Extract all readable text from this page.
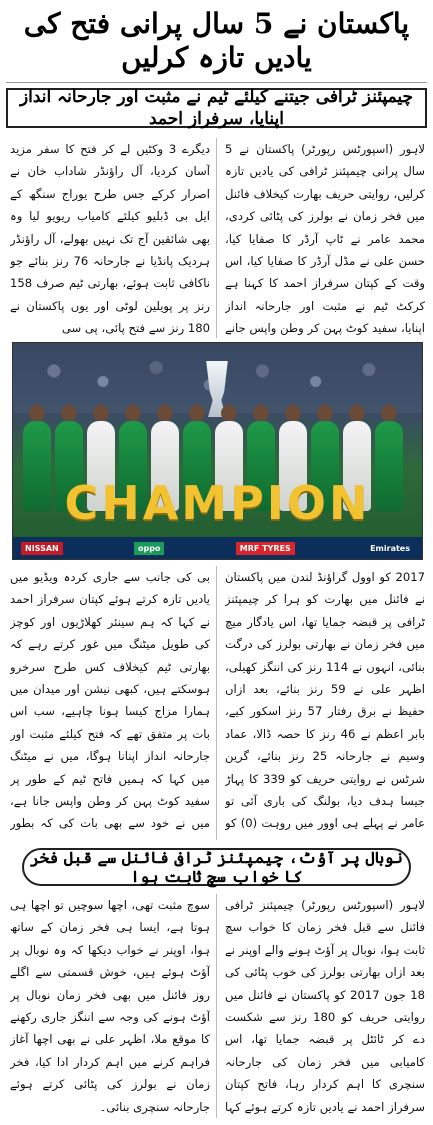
پاکستان نے 5 سال پرانی فتح کی یادیں تازہ کرلیں
چیمپئنز ٹرافی جیتنے کیلئے ٹیم نے مثبت اور جارحانہ انداز اپنایا، سرفراز احمد
لاہور (اسپورٹس رپورٹر) پاکستان نے 5 سال پرانی چیمپئنز ٹرافی کی یادیں تازہ کرلیں، روایتی حریف بھارت کیخلاف فائنل میں فخر زمان نے بولرز کی پٹائی کردی، محمد عامر نے ٹاپ آرڈر کا صفایا کیا، حسن علی نے مڈل آرڈر کا صفایا کیا، اس وقت کے کپتان سرفراز احمد کا کہنا ہے کرکٹ ٹیم نے مثبت اور جارحانہ انداز اپنایا، سفید کوٹ پہن کر وطن واپس جانے
دیگرے 3 وکٹیں لے کر فتح کا سفر مزید آسان کردیا، آل راؤنڈر شاداب خان نے اصرار کرکے جس طرح یوراج سنگھ کے ایل بی ڈبلیو کیلئے کامیاب ریویو لیا وہ بھی شائقین آج تک نہیں بھولے، آل راؤنڈر ہردیک پانڈیا نے جارحانہ 76 رنز بنائے جو ناکافی ثابت ہوئے، بھارتی ٹیم صرف 158 رنز پر پویلین لوٹی اور یوں پاکستان نے 180 رنز سے فتح پائی، پی سی
CHAMPION
NISSAN	oppo	MRF TYRES	Emirates
2017 کو اوول گراؤنڈ لندن میں پاکستان نے فائنل میں بھارت کو ہرا کر چیمپئنز ٹرافی پر قبضہ جمایا تھا، اس یادگار میچ میں فخر زمان نے بھارتی بولرز کی درگت بنائی، انہوں نے 114 رنز کی اننگز کھیلی، اظہر علی نے 59 رنز بنائے، بعد ازاں حفیظ نے برق رفتار 57 رنز اسکور کیے، بابر اعظم نے 46 رنز کا حصہ ڈالا، عماد وسیم نے جارحانہ 25 رنز بنائے، گرین شرٹس نے روایتی حریف کو 339 کا پہاڑ جیسا ہدف دیا، بولنگ کی باری آئی تو عامر نے پہلے ہی اوور میں روہت (0) کو
بی کی جانب سے جاری کردہ ویڈیو میں یادیں تازہ کرتے ہوئے کپتان سرفراز احمد نے کہا کہ ہم سینئر کھلاڑیوں اور کوچز کی طویل میٹنگ میں غور کرتے رہے کہ بھارتی ٹیم کیخلاف کس طرح سرخرو ہوسکتے ہیں، کبھی نیشن اور میدان میں ہمارا مزاج کیسا ہونا چاہیے، سب اس بات پر متفق تھے کہ فتح کیلئے مثبت اور جارحانہ انداز اپنانا ہوگا، میں نے میٹنگ میں کہا کہ ہمیں فاتح ٹیم کے طور پر سفید کوٹ پہن کر وطن واپس جانا ہے، میں نے خود سے بھی بات کی کہ بطور
نوبال پر آؤٹ، چیمپئنز ٹرافی فائنل سے قبل فخر کا خواب سچ ثابت ہوا
لاہور (اسپورٹس رپورٹر) چیمپئنز ٹرافی فائنل سے قبل فخر زمان کا خواب سچ ثابت ہوا، نوبال پر آؤٹ ہونے والے اوپنر نے بعد ازاں بھارتی بولرز کی خوب پٹائی کی 18 جون 2017 کو پاکستان نے فائنل میں روایتی حریف کو 180 رنز سے شکست دے کر ٹائٹل پر قبضہ جمایا تھا، اس کامیابی میں فخر زمان کی جارحانہ سنچری کا اہم کردار رہا، فاتح کپتان سرفراز احمد نے یادیں تازہ کرتے ہوئے کہا
سوچ مثبت تھی، اچھا سوچیں تو اچھا ہی ہوتا ہے، ایسا ہی فخر زمان کے ساتھ ہوا، اوپنر نے خواب دیکھا کہ وہ نوبال پر آؤٹ ہوئے ہیں، خوش قسمتی سے اگلے روز فائنل میں بھی فخر زمان نوبال پر آؤٹ ہونے کی وجہ سے اننگز جاری رکھنے کا موقع ملا، اظہر علی نے بھی اچھا آغاز فراہم کرنے میں اہم کردار ادا کیا، فخر زمان نے بولرز کی پٹائی کرتے ہوئے جارحانہ سنچری بنائی۔
